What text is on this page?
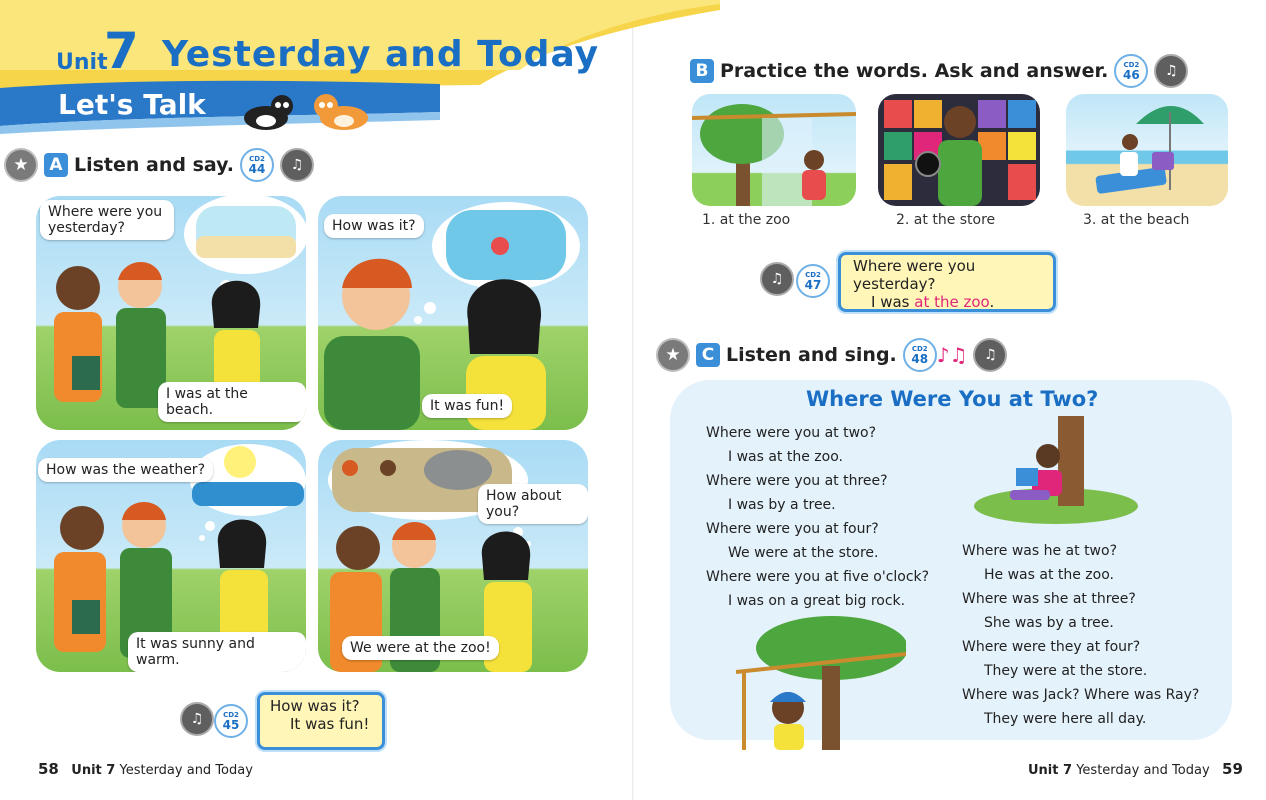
Unit
7 Yesterday and Today
Let's Talk
★	A Listen and say. CD2
44	♫
Where were you yesterday?
I was at the beach.
How was it?
It was fun!
How was the weather?
It was sunny and warm.
How about you?
We were at the zoo!
♫	CD2
45
How was it?
It was fun!
58 Unit 7 Yesterday and Today
B Practice the words. Ask and answer. CD2
46	♫
1. at the zoo	2. at the store	3. at the beach
♫	CD2
47
Where were you yesterday?
I was at the zoo.
★	C Listen and sing. CD2
48 ♪♫	♫
Where Were You at Two?
Where were you at two?
I was at the zoo.
Where were you at three?
I was by a tree.
Where were you at four?
We were at the store.
Where were you at five o'clock?
I was on a great big rock.
Where was he at two?
He was at the zoo.
Where was she at three?
She was by a tree.
Where were they at four?
They were at the store.
Where was Jack? Where was Ray?
They were here all day.
Unit 7 Yesterday and Today 59
